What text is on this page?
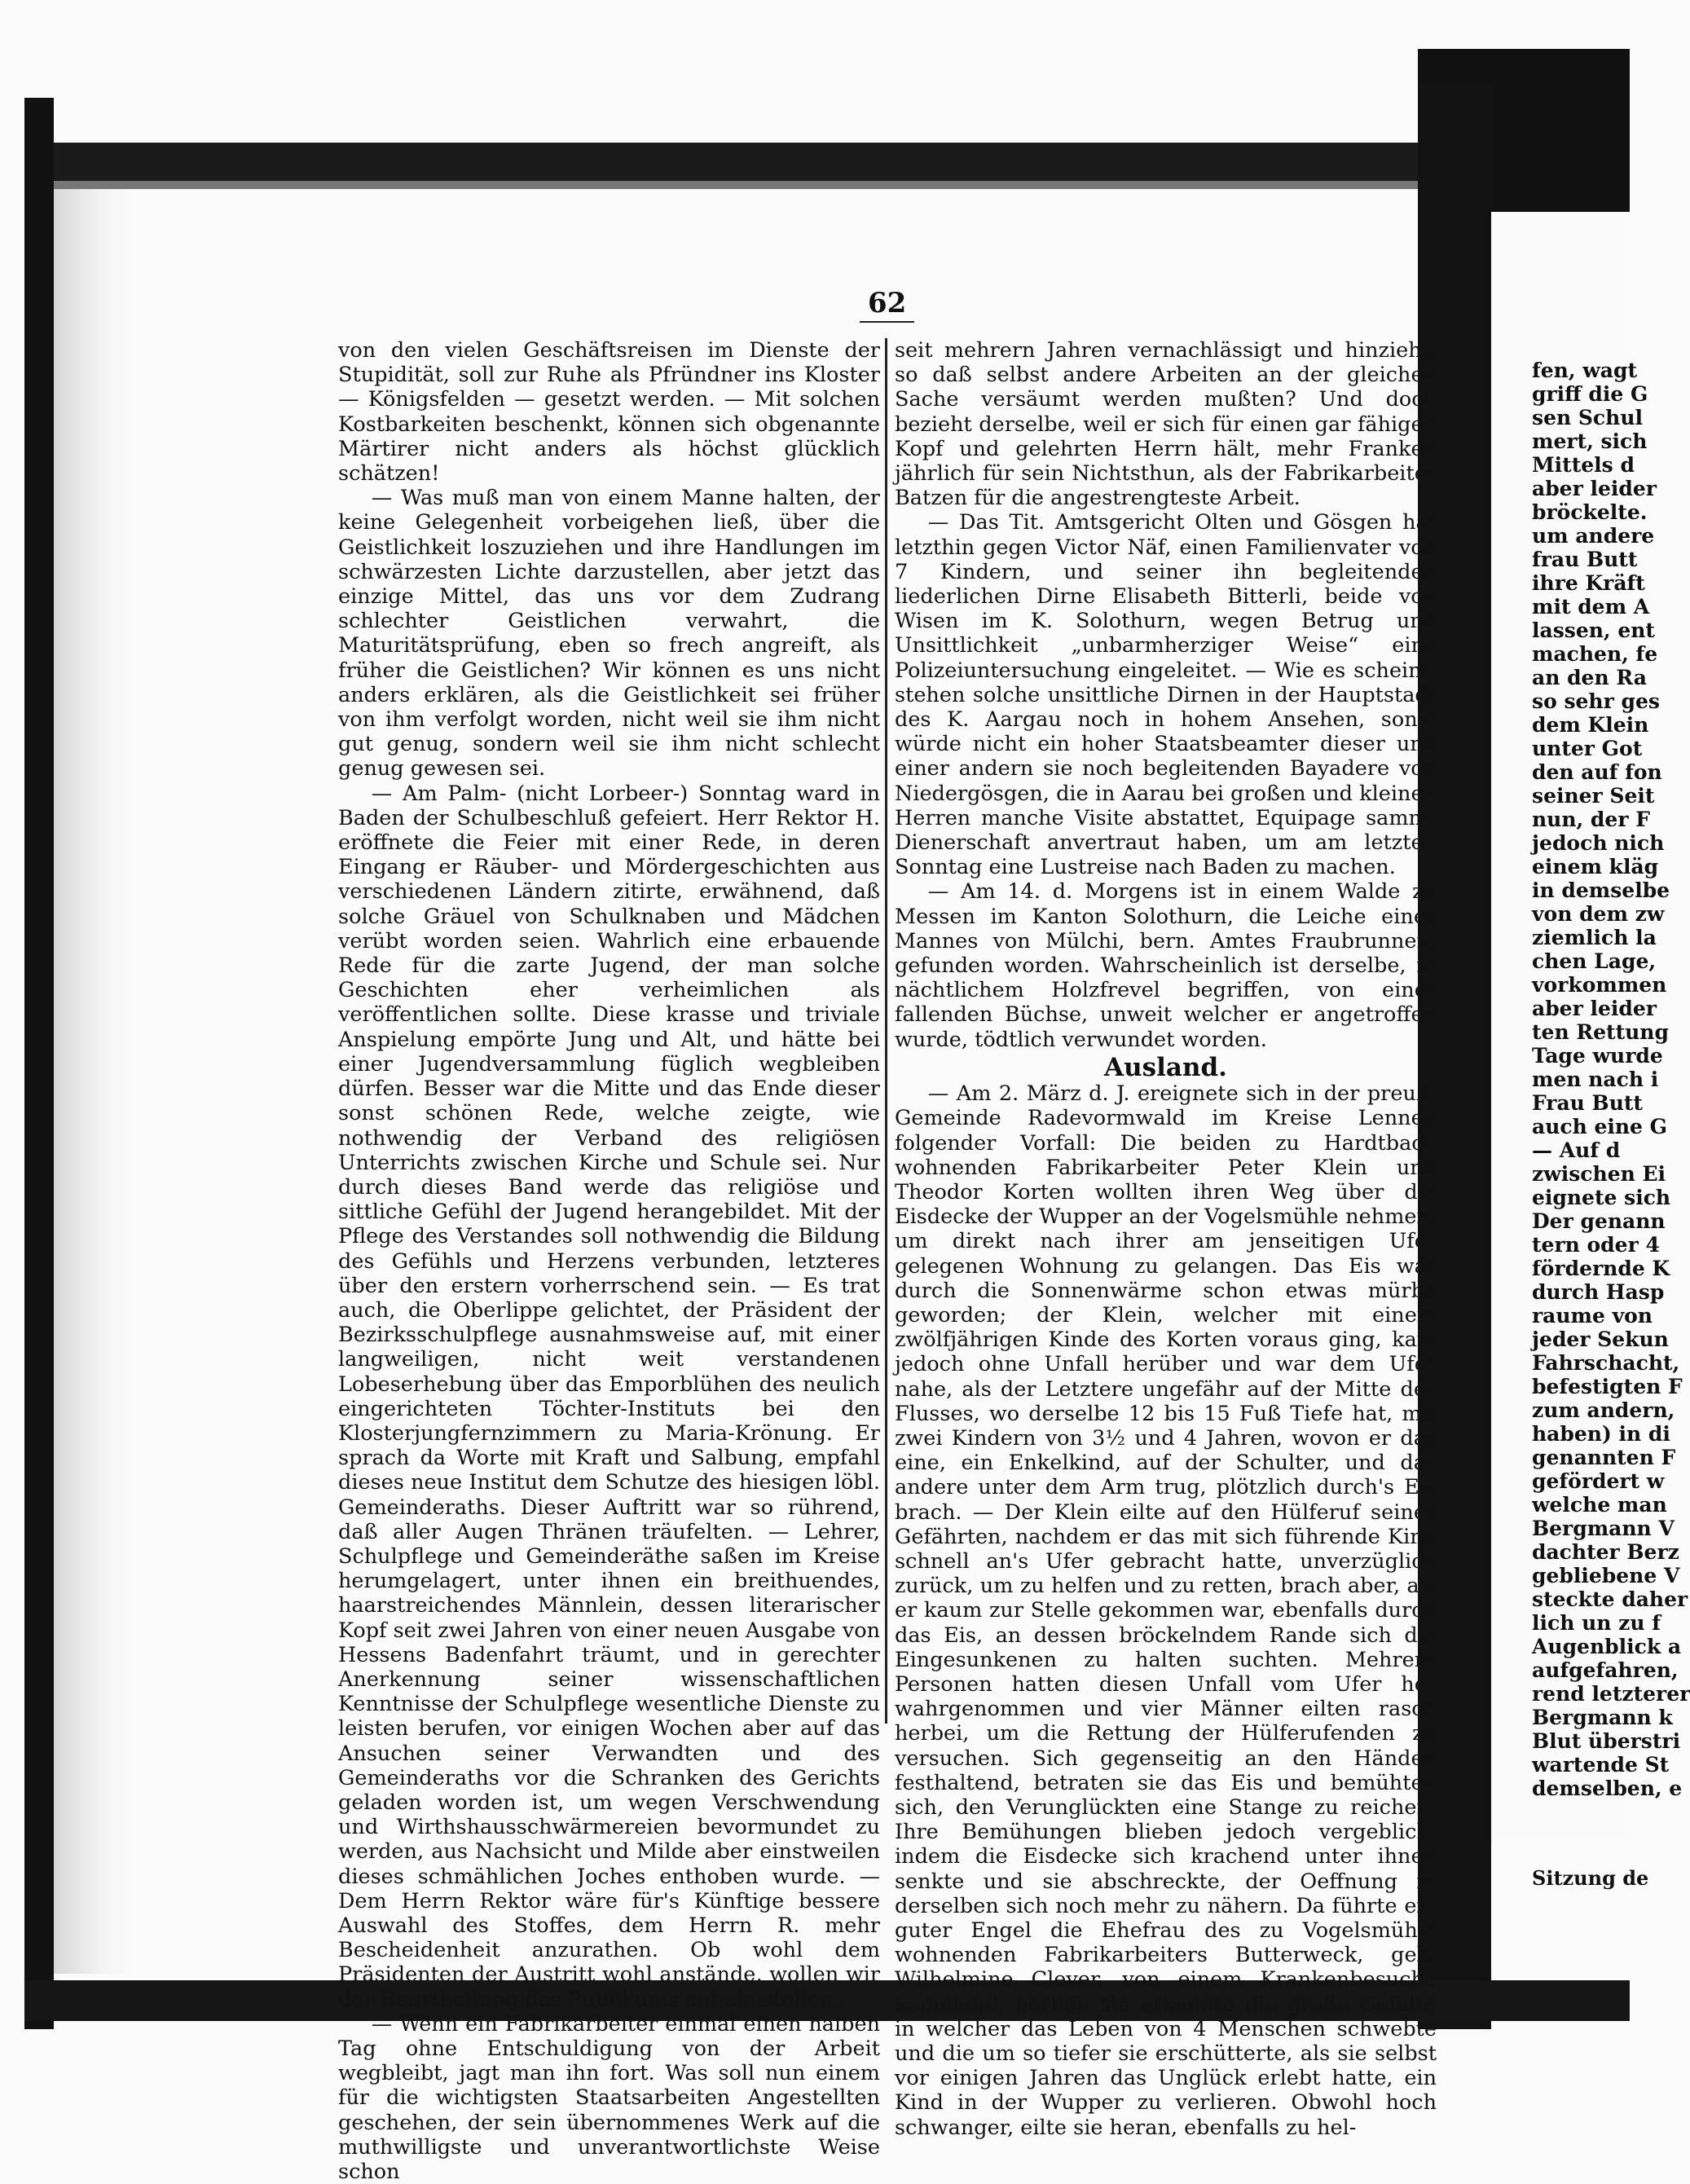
62

von den vielen Geschäftsreisen im Dienste der Stupidität, soll zur Ruhe als Pfründner ins Kloster — Königsfelden — gesetzt werden. — Mit solchen Kostbarkeiten beschenkt, können sich obgenannte Märtirer nicht anders als höchst glücklich schätzen!

— Was muß man von einem Manne halten, der keine Gelegenheit vorbeigehen ließ, über die Geistlichkeit loszuziehen und ihre Handlungen im schwärzesten Lichte darzustellen, aber jetzt das einzige Mittel, das uns vor dem Zudrang schlechter Geistlichen verwahrt, die Maturitätsprüfung, eben so frech angreift, als früher die Geistlichen? Wir können es uns nicht anders erklären, als die Geistlichkeit sei früher von ihm verfolgt worden, nicht weil sie ihm nicht gut genug, sondern weil sie ihm nicht schlecht genug gewesen sei.

— Am Palm- (nicht Lorbeer-) Sonntag ward in Baden der Schulbeschluß gefeiert. Herr Rektor H. eröffnete die Feier mit einer Rede, in deren Eingang er Räuber- und Mördergeschichten aus verschiedenen Ländern zitirte, erwähnend, daß solche Gräuel von Schulknaben und Mädchen verübt worden seien. Wahrlich eine erbauende Rede für die zarte Jugend, der man solche Geschichten eher verheimlichen als veröffentlichen sollte. Diese krasse und triviale Anspielung empörte Jung und Alt, und hätte bei einer Jugendversammlung füglich wegbleiben dürfen. Besser war die Mitte und das Ende dieser sonst schönen Rede, welche zeigte, wie nothwendig der Verband des religiösen Unterrichts zwischen Kirche und Schule sei. Nur durch dieses Band werde das religiöse und sittliche Gefühl der Jugend herangebildet. Mit der Pflege des Verstandes soll nothwendig die Bildung des Gefühls und Herzens verbunden, letzteres über den erstern vorherrschend sein. — Es trat auch, die Oberlippe gelichtet, der Präsident der Bezirksschulpflege ausnahmsweise auf, mit einer langweiligen, nicht weit verstandenen Lobeserhebung über das Emporblühen des neulich eingerichteten Töchter-Instituts bei den Klosterjungfernzimmern zu Maria-Krönung. Er sprach da Worte mit Kraft und Salbung, empfahl dieses neue Institut dem Schutze des hiesigen löbl. Gemeinderaths. Dieser Auftritt war so rührend, daß aller Augen Thränen träufelten. — Lehrer, Schulpflege und Gemeinderäthe saßen im Kreise herumgelagert, unter ihnen ein breithuendes, haarstreichendes Männlein, dessen literarischer Kopf seit zwei Jahren von einer neuen Ausgabe von Hessens Badenfahrt träumt, und in gerechter Anerkennung seiner wissenschaftlichen Kenntnisse der Schulpflege wesentliche Dienste zu leisten berufen, vor einigen Wochen aber auf das Ansuchen seiner Verwandten und des Gemeinderaths vor die Schranken des Gerichts geladen worden ist, um wegen Verschwendung und Wirthshausschwärmereien bevormundet zu werden, aus Nachsicht und Milde aber einstweilen dieses schmählichen Joches enthoben wurde. — Dem Herrn Rektor wäre für's Künftige bessere Auswahl des Stoffes, dem Herrn R. mehr Bescheidenheit anzurathen. Ob wohl dem Präsidenten der Austritt wohl anstände, wollen wir der Beurtheilung des Publikums anheimstellen.

— Wenn ein Fabrikarbeiter einmal einen halben Tag ohne Entschuldigung von der Arbeit wegbleibt, jagt man ihn fort. Was soll nun einem für die wichtigsten Staatsarbeiten Angestellten geschehen, der sein übernommenes Werk auf die muthwilligste und unverantwortlichste Weise schon

seit mehrern Jahren vernachlässigt und hinzieht, so daß selbst andere Arbeiten an der gleichen Sache versäumt werden mußten? Und doch bezieht derselbe, weil er sich für einen gar fähigen Kopf und gelehrten Herrn hält, mehr Franken jährlich für sein Nichtsthun, als der Fabrikarbeiter Batzen für die angestrengteste Arbeit.

— Das Tit. Amtsgericht Olten und Gösgen hat letzthin gegen Victor Näf, einen Familienvater von 7 Kindern, und seiner ihn begleitenden liederlichen Dirne Elisabeth Bitterli, beide von Wisen im K. Solothurn, wegen Betrug und Unsittlichkeit „unbarmherziger Weise“ eine Polizeiuntersuchung eingeleitet. — Wie es scheint, stehen solche unsittliche Dirnen in der Hauptstadt des K. Aargau noch in hohem Ansehen, sonst würde nicht ein hoher Staatsbeamter dieser und einer andern sie noch begleitenden Bayadere von Niedergösgen, die in Aarau bei großen und kleinen Herren manche Visite abstattet, Equipage sammt Dienerschaft anvertraut haben, um am letzten Sonntag eine Lustreise nach Baden zu machen.

— Am 14. d. Morgens ist in einem Walde zu Messen im Kanton Solothurn, die Leiche eines Mannes von Mülchi, bern. Amtes Fraubrunnen, gefunden worden. Wahrscheinlich ist derselbe, in nächtlichem Holzfrevel begriffen, von einer fallenden Büchse, unweit welcher er angetroffen wurde, tödtlich verwundet worden.

Ausland.

— Am 2. März d. J. ereignete sich in der preuß. Gemeinde Radevormwald im Kreise Lennep folgender Vorfall: Die beiden zu Hardtbach wohnenden Fabrikarbeiter Peter Klein und Theodor Korten wollten ihren Weg über die Eisdecke der Wupper an der Vogelsmühle nehmen, um direkt nach ihrer am jenseitigen Ufer gelegenen Wohnung zu gelangen. Das Eis war durch die Sonnenwärme schon etwas mürbe geworden; der Klein, welcher mit einem zwölfjährigen Kinde des Korten voraus ging, kam jedoch ohne Unfall herüber und war dem Ufer nahe, als der Letztere ungefähr auf der Mitte des Flusses, wo derselbe 12 bis 15 Fuß Tiefe hat, mit zwei Kindern von 3½ und 4 Jahren, wovon er das eine, ein Enkelkind, auf der Schulter, und das andere unter dem Arm trug, plötzlich durch's Eis brach. — Der Klein eilte auf den Hülferuf seines Gefährten, nachdem er das mit sich führende Kind schnell an's Ufer gebracht hatte, unverzüglich zurück, um zu helfen und zu retten, brach aber, als er kaum zur Stelle gekommen war, ebenfalls durch das Eis, an dessen bröckelndem Rande sich die Eingesunkenen zu halten suchten. Mehrere Personen hatten diesen Unfall vom Ufer her wahrgenommen und vier Männer eilten rasch herbei, um die Rettung der Hülferufenden zu versuchen. Sich gegenseitig an den Händen festhaltend, betraten sie das Eis und bemühten sich, den Verunglückten eine Stange zu reichen. Ihre Bemühungen blieben jedoch vergeblich, indem die Eisdecke sich krachend unter ihnen senkte und sie abschreckte, der Oeffnung in derselben sich noch mehr zu nähern. Da führte ein guter Engel die Ehefrau des zu Vogelsmühle wohnenden Fabrikarbeiters Butterweck, geb. Wilhelmine Clever, von einem Krankenbesuche kommend, herbei; sie erkannte die große Gefahr, in welcher das Leben von 4 Menschen schwebte und die um so tiefer sie erschütterte, als sie selbst vor einigen Jahren das Unglück erlebt hatte, ein Kind in der Wupper zu verlieren. Obwohl hoch schwanger, eilte sie heran, ebenfalls zu hel-

fen, wagt
griff die G
sen Schul
mert, sich
Mittels d
aber leider
bröckelte.
um andere
frau Butt
ihre Kräft
mit dem A
lassen, ent
machen, fe
an den Ra
so sehr ges
dem Klein
unter Got
den auf fon
seiner Seit
nun, der F
jedoch nich
einem kläg
in demselbe
von dem zw
ziemlich la
chen Lage,
vorkommen
aber leider
ten Rettung
Tage wurde
men nach i
Frau Butt
auch eine G
— Auf d
zwischen Ei
eignete sich
Der genann
tern oder 4
fördernde K
durch Hasp
raume von
jeder Sekun
Fahrschacht,
befestigten F
zum andern,
haben) in di
genannten F
gefördert w
welche man
Bergmann V
dachter Berz
gebliebene V
steckte daher
lich un zu f
Augenblick a
aufgefahren,
rend letzterer
Bergmann k
Blut überstri
wartende St
demselben, e
Sitzung de
